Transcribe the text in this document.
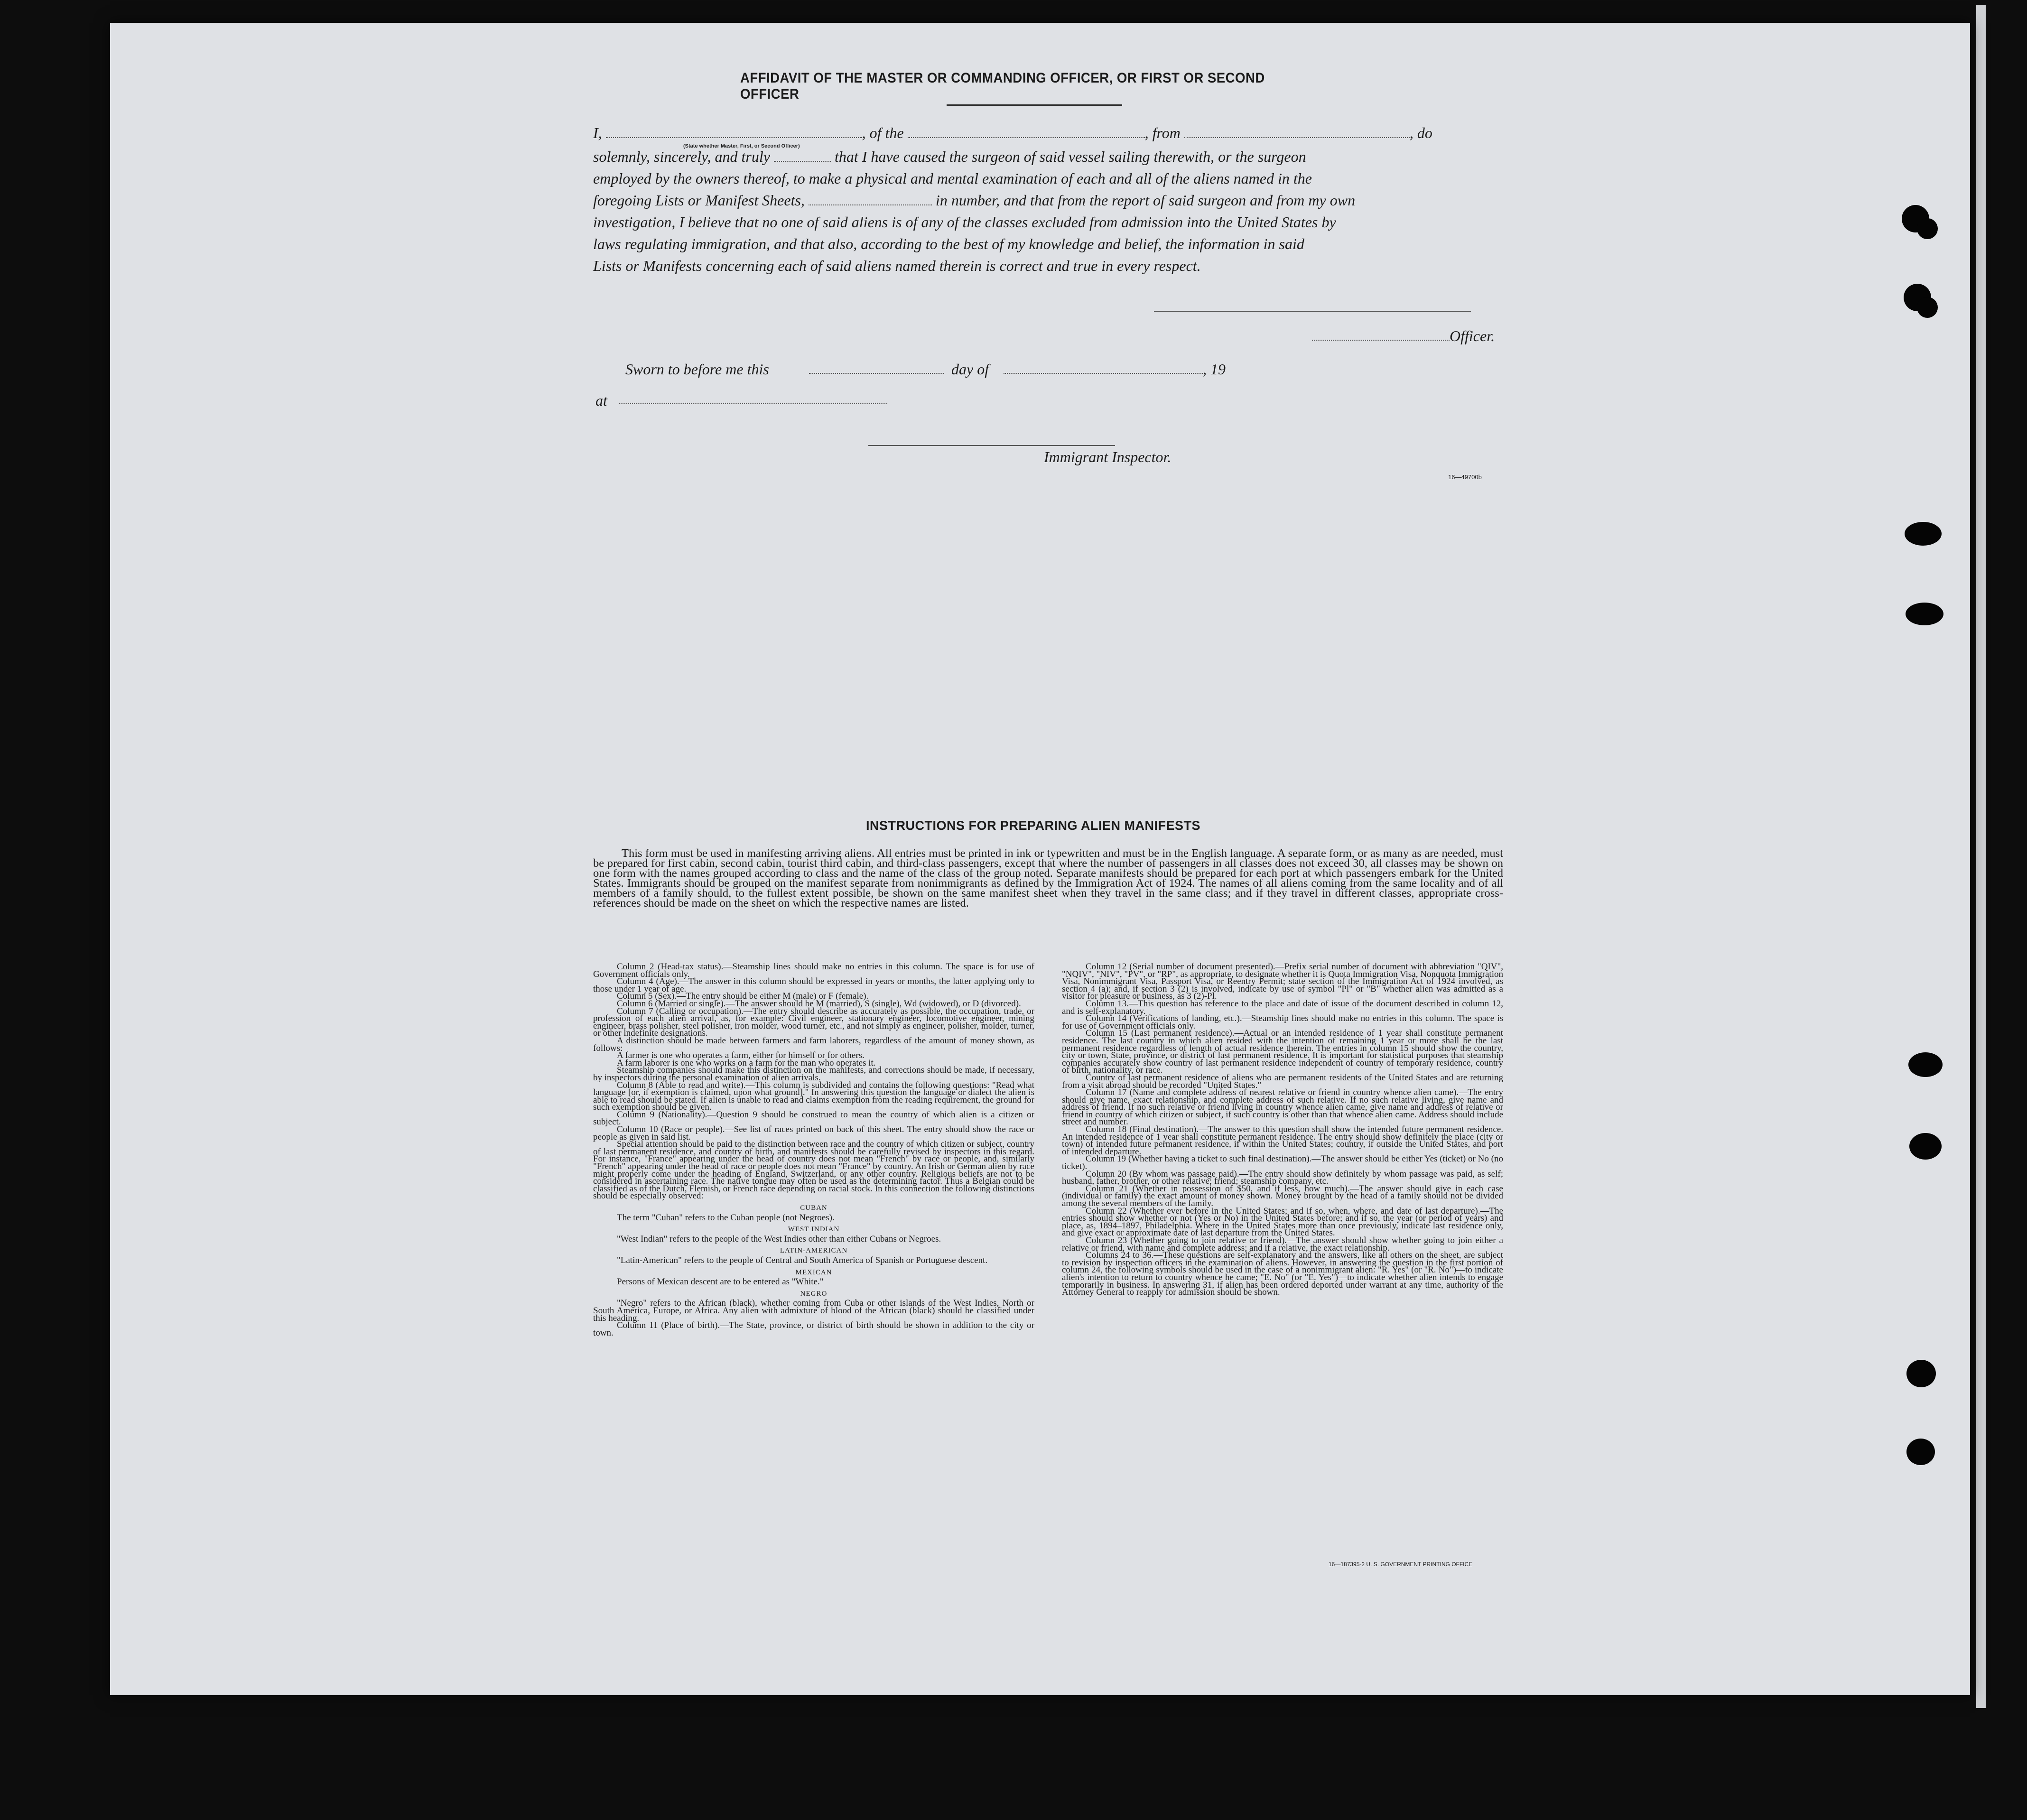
AFFIDAVIT OF THE MASTER OR COMMANDING OFFICER, OR FIRST OR SECOND OFFICER
I,	, of the	, from	, do
(State whether Master, First, or Second Officer)
solemnly, sincerely, and truly	that I have caused the surgeon of said vessel sailing therewith, or the surgeon
employed by the owners thereof, to make a physical and mental examination of each and all of the aliens named in the
foregoing Lists or Manifest Sheets,	in number, and that from the report of said surgeon and from my own
investigation, I believe that no one of said aliens is of any of the classes excluded from admission into the United States by
laws regulating immigration, and that also, according to the best of my knowledge and belief, the information in said
Lists or Manifests concerning each of said aliens named therein is correct and true in every respect.
Officer.
Sworn to before me this	day of	, 19
at
Immigrant Inspector.
16—49700b
INSTRUCTIONS FOR PREPARING ALIEN MANIFESTS
This form must be used in manifesting arriving aliens. All entries must be printed in ink or typewritten and must be in the English language. A separate form, or as many as are needed, must be prepared for first cabin, second cabin, tourist third cabin, and third-class passengers, except that where the number of passengers in all classes does not exceed 30, all classes may be shown on one form with the names grouped according to class and the name of the class of the group noted. Separate manifests should be prepared for each port at which passengers embark for the United States. Immigrants should be grouped on the manifest separate from nonimmigrants as defined by the Immigration Act of 1924. The names of all aliens coming from the same locality and of all members of a family should, to the fullest extent possible, be shown on the same manifest sheet when they travel in the same class; and if they travel in different classes, appropriate cross-references should be made on the sheet on which the respective names are listed.

Column 2 (Head-tax status).—Steamship lines should make no entries in this column. The space is for use of Government officials only.

Column 4 (Age).—The answer in this column should be expressed in years or months, the latter applying only to those under 1 year of age.

Column 5 (Sex).—The entry should be either M (male) or F (female).

Column 6 (Married or single).—The answer should be M (married), S (single), Wd (widowed), or D (divorced).

Column 7 (Calling or occupation).—The entry should describe as accurately as possible, the occupation, trade, or profession of each alien arrival, as, for example: Civil engineer, stationary engineer, locomotive engineer, mining engineer, brass polisher, steel polisher, iron molder, wood turner, etc., and not simply as engineer, polisher, molder, turner, or other indefinite designations.

A distinction should be made between farmers and farm laborers, regardless of the amount of money shown, as follows:

A farmer is one who operates a farm, either for himself or for others.

A farm laborer is one who works on a farm for the man who operates it.

Steamship companies should make this distinction on the manifests, and corrections should be made, if necessary, by inspectors during the personal examination of alien arrivals.

Column 8 (Able to read and write).—This column is subdivided and contains the following questions: "Read what language [or, if exemption is claimed, upon what ground]." In answering this question the language or dialect the alien is able to read should be stated. If alien is unable to read and claims exemption from the reading requirement, the ground for such exemption should be given.

Column 9 (Nationality).—Question 9 should be construed to mean the country of which alien is a citizen or subject.

Column 10 (Race or people).—See list of races printed on back of this sheet. The entry should show the race or people as given in said list.

Special attention should be paid to the distinction between race and the country of which citizen or subject, country of last permanent residence, and country of birth, and manifests should be carefully revised by inspectors in this regard. For instance, "France" appearing under the head of country does not mean "French" by race or people, and, similarly "French" appearing under the head of race or people does not mean "France" by country. An Irish or German alien by race might properly come under the heading of England, Switzerland, or any other country. Religious beliefs are not to be considered in ascertaining race. The native tongue may often be used as the determining factor. Thus a Belgian could be classified as of the Dutch, Flemish, or French race depending on racial stock. In this connection the following distinctions should be especially observed:

CUBAN

The term "Cuban" refers to the Cuban people (not Negroes).

WEST INDIAN

"West Indian" refers to the people of the West Indies other than either Cubans or Negroes.

LATIN-AMERICAN

"Latin-American" refers to the people of Central and South America of Spanish or Portuguese descent.

MEXICAN

Persons of Mexican descent are to be entered as "White."

NEGRO

"Negro" refers to the African (black), whether coming from Cuba or other islands of the West Indies, North or South America, Europe, or Africa. Any alien with admixture of blood of the African (black) should be classified under this heading.

Column 11 (Place of birth).—The State, province, or district of birth should be shown in addition to the city or town.

Column 12 (Serial number of document presented).—Prefix serial number of document with abbreviation "QIV", "NQIV", "NIV", "PV", or "RP", as appropriate, to designate whether it is Quota Immigration Visa, Nonquota Immigration Visa, Nonimmigrant Visa, Passport Visa, or Reentry Permit; state section of the Immigration Act of 1924 involved, as section 4 (a); and, if section 3 (2) is involved, indicate by use of symbol "Pl" or "B" whether alien was admitted as a visitor for pleasure or business, as 3 (2)-Pl.

Column 13.—This question has reference to the place and date of issue of the document described in column 12, and is self-explanatory.

Column 14 (Verifications of landing, etc.).—Steamship lines should make no entries in this column. The space is for use of Government officials only.

Column 15 (Last permanent residence).—Actual or an intended residence of 1 year shall constitute permanent residence. The last country in which alien resided with the intention of remaining 1 year or more shall be the last permanent residence regardless of length of actual residence therein. The entries in column 15 should show the country, city or town, State, province, or district of last permanent residence. It is important for statistical purposes that steamship companies accurately show country of last permanent residence independent of country of temporary residence, country of birth, nationality, or race.

Country of last permanent residence of aliens who are permanent residents of the United States and are returning from a visit abroad should be recorded "United States."

Column 17 (Name and complete address of nearest relative or friend in country whence alien came).—The entry should give name, exact relationship, and complete address of such relative. If no such relative living, give name and address of friend. If no such relative or friend living in country whence alien came, give name and address of relative or friend in country of which citizen or subject, if such country is other than that whence alien came. Address should include street and number.

Column 18 (Final destination).—The answer to this question shall show the intended future permanent residence. An intended residence of 1 year shall constitute permanent residence. The entry should show definitely the place (city or town) of intended future permanent residence, if within the United States; country, if outside the United States, and port of intended departure.

Column 19 (Whether having a ticket to such final destination).—The answer should be either Yes (ticket) or No (no ticket).

Column 20 (By whom was passage paid).—The entry should show definitely by whom passage was paid, as self; husband, father, brother, or other relative; friend; steamship company, etc.

Column 21 (Whether in possession of $50, and if less, how much).—The answer should give in each case (individual or family) the exact amount of money shown. Money brought by the head of a family should not be divided among the several members of the family.

Column 22 (Whether ever before in the United States; and if so, when, where, and date of last departure).—The entries should show whether or not (Yes or No) in the United States before; and if so, the year (or period of years) and place, as, 1894–1897, Philadelphia. Where in the United States more than once previously, indicate last residence only, and give exact or approximate date of last departure from the United States.

Column 23 (Whether going to join relative or friend).—The answer should show whether going to join either a relative or friend, with name and complete address; and if a relative, the exact relationship.

Columns 24 to 36.—These questions are self-explanatory and the answers, like all others on the sheet, are subject to revision by inspection officers in the examination of aliens. However, in answering the question in the first portion of column 24, the following symbols should be used in the case of a nonimmigrant alien: "R. Yes" (or "R. No")—to indicate alien's intention to return to country whence he came; "E. No" (or "E. Yes")—to indicate whether alien intends to engage temporarily in business. In answering 31, if alien has been ordered deported under warrant at any time, authority of the Attorney General to reapply for admission should be shown.

16—187395-2 U. S. GOVERNMENT PRINTING OFFICE
